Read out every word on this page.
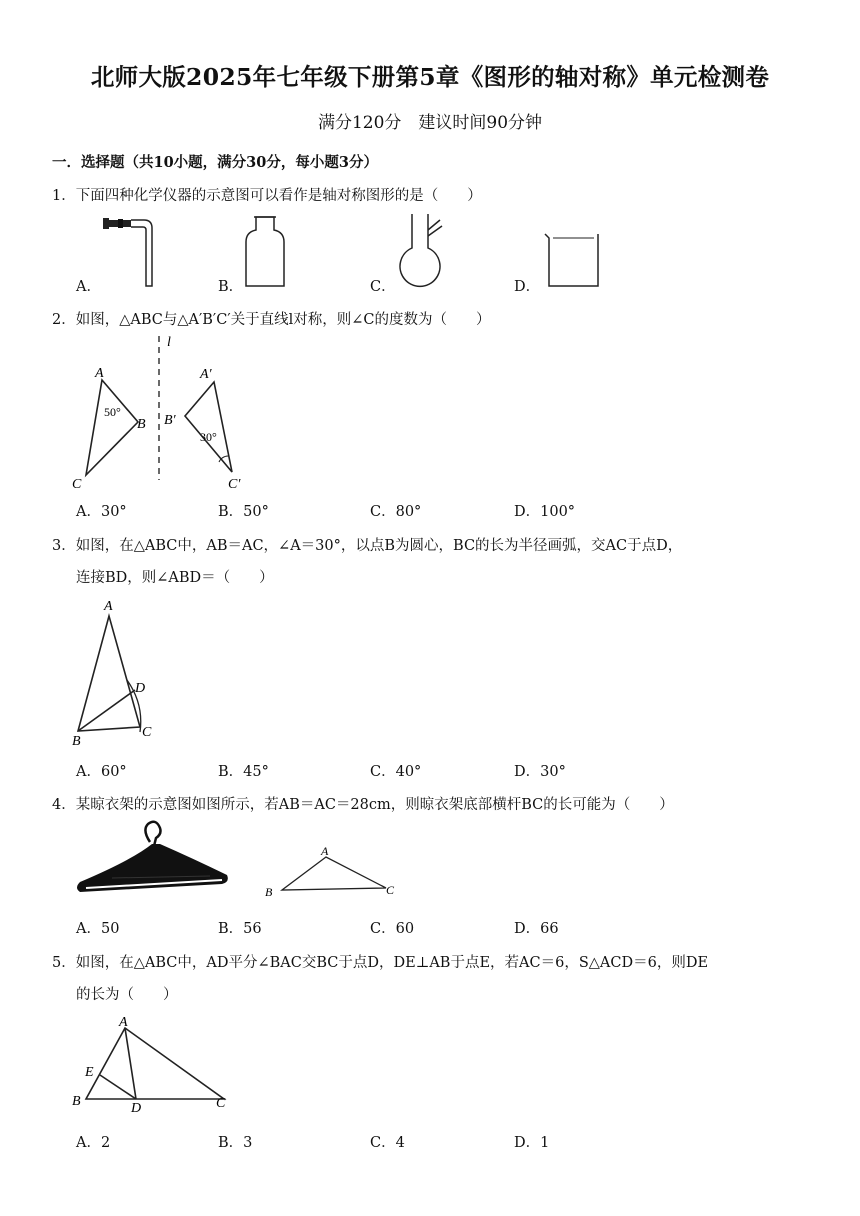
北师大版2025年七年级下册第5章《图形的轴对称》单元检测卷
满分120分　建议时间90分钟
一．选择题（共10小题，满分30分，每小题3分）
1．下面四种化学仪器的示意图可以看作是轴对称图形的是（　　）
A．	B．	C．	D．
2．如图，△ABC与△A′B′C′关于直线l对称，则∠C的度数为（　　）
l
A
B
C
A′
B′
C′
50°
30°
A．30°	B．50°	C．80°	D．100°
3．如图，在△ABC中，AB＝AC，∠A＝30°，以点B为圆心，BC的长为半径画弧，交AC于点D，
连接BD，则∠ABD＝（　　）
A
B
C
D
A．60°	B．45°	C．40°	D．30°
4．某晾衣架的示意图如图所示，若AB＝AC＝28cm，则晾衣架底部横杆BC的长可能为（　　）
A
B	C
A．50	B．56	C．60	D．66
5．如图，在△ABC中，AD平分∠BAC交BC于点D，DE⊥AB于点E，若AC＝6，S△ACD＝6，则DE
的长为（　　）
A
B	C
D
E
A．2	B．3	C．4	D．1
